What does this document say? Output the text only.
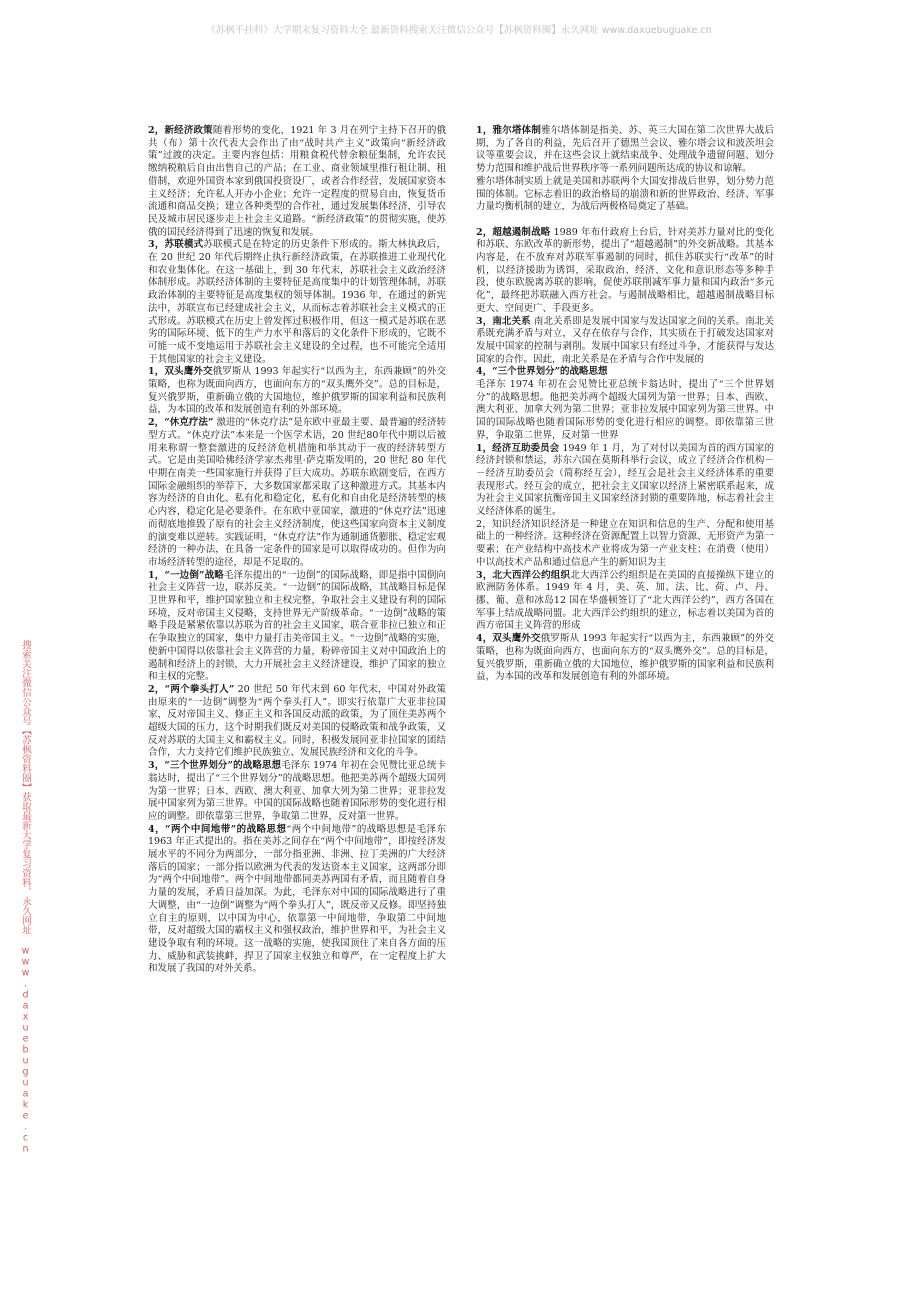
《苏枫不挂科》大学期末复习资料大全 最新资料搜索关注微信公众号【苏枫资料圈】永久网址 www.daxuebuguake.cn
搜索关注微信公众号【苏枫资料圈】获取最新大学复习资料，永久网址 www.daxuebuguake.cn

2，新经济政策随着形势的变化，1921 年 3 月在列宁主持下召开的俄共（布）第十次代表大会作出了由“战时共产主义”政策向“新经济政策”过渡的决定。主要内容包括：用粮食税代替余粮征集制，允许农民缴纳税粮后自由出售自己的产品；在工业、商业领域里推行租让制、租借制，欢迎外国资本家到俄国投资设厂，或者合作经营，发展国家资本主义经济；允许私人开办小企业；允许一定程度的贸易自由，恢复货币流通和商品交换；建立各种类型的合作社，通过发展集体经济，引导农民及城市居民逐步走上社会主义道路。“新经济政策”的贯彻实施，使苏俄的国民经济得到了迅速的恢复和发展。

3，苏联模式苏联模式是在特定的历史条件下形成的。斯大林执政后，在 20 世纪 20 年代后期终止执行新经济政策，在苏联推进工业现代化和农业集体化。在这一基础上，到 30 年代末，苏联社会主义政治经济体制形成。苏联经济体制的主要特征是高度集中的计划管理体制，苏联政治体制的主要特征是高度集权的领导体制。1936 年，在通过的新宪法中，苏联宣布已经建成社会主义，从而标志着苏联社会主义模式的正式形成。苏联模式在历史上曾发挥过积极作用，但这一模式是苏联在恶劣的国际环境、低下的生产力水平和落后的文化条件下形成的，它既不可能一成不变地运用于苏联社会主义建设的全过程，也不可能完全适用于其他国家的社会主义建设。

1，双头鹰外交俄罗斯从 1993 年起实行“以西为主，东西兼顾”的外交策略，也称为既面向西方，也面向东方的“双头鹰外交”。总的目标是，复兴俄罗斯，重新确立俄的大国地位，维护俄罗斯的国家利益和民族利益，为本国的改革和发展创造有利的外部环境。

2，“休克疗法” 激进的“休克疗法”是东欧中亚最主要、最普遍的经济转型方式。“休克疗法”本来是一个医学术语，20 世纪80年代中期以后被用来称谓一整套激进的反经济危机措施和举其动于一夜的经济转型方式。它是由美国哈佛经济学家杰弗里·萨克斯发明的，20 世纪 80 年代中期在南美一些国家施行并获得了巨大成功。苏联东欧剧变后，在西方国际金融组织的举荐下，大多数国家都采取了这种激进方式。其基本内容为经济的自由化、私有化和稳定化，私有化和自由化是经济转型的核心内容，稳定化是必要条件。在东欧中亚国家，激进的“休克疗法”迅速而彻底地推毁了原有的社会主义经济制度，使这些国家向资本主义制度的演变难以逆转。实践证明，“休克疗法”作为通制通货膨胀、稳定宏观经济的一种办法，在具备一定条件的国家是可以取得成功的。但作为向市场经济转型的途径，却是不足取的。

1，“一边倒”战略毛泽东提出的“一边倒”的国际战略，即是指中国倒向社会主义阵营一边，联苏反美。“一边倒”的国际战略，其战略目标是保卫世界和平，维护国家独立和主权完整，争取社会主义建设有利的国际环境，反对帝国主义侵略，支持世界无产阶级革命。“一边倒”战略的策略手段是紧紧依靠以苏联为首的社会主义国家，联合亚非拉已独立和正在争取独立的国家，集中力量打击美帝国主义。“一边倒”战略的实施，使新中国得以依靠社会主义阵营的力量，粉碎帝国主义对中国政治上的遏制和经济上的封锁，大力开展社会主义经济建设，维护了国家的独立和主权的完整。

2，“两个拳头打人” 20 世纪 50 年代末到 60 年代末，中国对外政策由原来的“一边倒”调整为“两个拳头打人”。即实行依靠广大亚非拉国家，反对帝国主义、修正主义和各国反动派的政策，为了顶住美苏两个超级大国的压力，这个时期我们既反对美国的侵略政策和战争政策，又反对苏联的大国主义和霸权主义。同时，积极发展同亚非拉国家的团结合作，大力支持它们维护民族独立、发展民族经济和文化的斗争。

3，“三个世界划分”的战略思想毛泽东 1974 年初在会见赞比亚总统卡翁达时，提出了“三个世界划分”的战略思想。他把美苏两个超级大国列为第一世界；日本、西欧、澳大利亚、加拿大列为第二世界；亚非拉发展中国家列为第三世界。中国的国际战略也随着国际形势的变化进行相应的调整。即依靠第三世界，争取第二世界，反对第一世界。

4，“两个中间地带”的战略思想“两个中间地带”的战略思想是毛泽东1963 年正式提出的。指在美苏之间存在“两个中间地带”，即按经济发展水平的不同分为两部分，一部分指亚洲、非洲、拉丁美洲的广大经济落后的国家；一部分指以欧洲为代表的发达资本主义国家，这两部分即为“两个中间地带”。两个中间地带都同美苏两国有矛盾，而且随着自身力量的发展，矛盾日益加深。为此，毛泽东对中国的国际战略进行了重大调整，由“一边倒”调整为“两个拳头打人”，既反帝又反修。即坚持独立自主的原则，以中国为中心，依靠第一中间地带，争取第二中间地带，反对超级大国的霸权主义和强权政治，维护世界和平，为社会主义建设争取有利的环境。这一战略的实施，使我国顶住了来自各方面的压力、威胁和武装挑衅，捍卫了国家主权独立和尊严，在一定程度上扩大和发展了我国的对外关系。

1，雅尔塔体制雅尔塔体制是指美、苏、英三大国在第二次世界大战后期，为了各自的利益，先后召开了德黑兰会议、雅尔塔会议和波茨坦会议等重要会议，并在这些会议上就结束战争、处理战争遗留问题、划分势力范围和维护战后世界秩序等一系列问题所达成的协议和谅解。

雅尔塔体制实质上就是美国和苏联两个大国安排战后世界，划分势力范围的体制。它标志着旧的政治格局的崩溃和新的世界政治、经济、军事力量均衡机制的建立，为战后两极格局奠定了基础。

2，超越遏制战略 1989 年布什政府上台后，针对美苏力量对比的变化和苏联、东欧改革的新形势，提出了“超越遏制”的外交新战略。其基本内容是，在不放弃对苏联军事遏制的同时，抓住苏联实行“改革”的时机，以经济援助为诱饵，采取政治、经济、文化和意识形态等多种手段，使东欧脱离苏联的影响，促使苏联削减军事力量和国内政治“多元化”，最终把苏联融入西方社会。与遏制战略相比，超越遏制战略目标更大、空间更广、手段更多。

3，南北关系 南北关系即是发展中国家与发达国家之间的关系。南北关系既充满矛盾与对立，又存在依存与合作，其实质在于打破发达国家对发展中国家的控制与剥削。发展中国家只有经过斗争，才能获得与发达国家的合作。因此，南北关系是在矛盾与合作中发展的

4，“三个世界划分”的战略思想

毛泽东 1974 年初在会见赞比亚总统卡翁达时，提出了“三个世界划分”的战略思想。他把美苏两个超级大国列为第一世界；日本、西欧、澳大利亚、加拿大列为第二世界；亚非拉发展中国家列为第三世界。中国的国际战略也随着国际形势的变化进行相应的调整。即依靠第三世界，争取第二世界，反对第一世界

1，经济互助委员会 1949 年 1 月，为了对付以美国为首的西方国家的经济封锁和禁运，苏东六国在莫斯科举行会议，成立了经济合作机构－－经济互助委员会（简称经互会），经互会是社会主义经济体系的重要表现形式。经互会的成立，把社会主义国家以经济上紧密联系起来，成为社会主义国家抗衡帝国主义国家经济封锁的重要阵地，标志着社会主义经济体系的诞生。

2，知识经济知识经济是一种建立在知识和信息的生产、分配和使用基础上的一种经济。这种经济在资源配置上以智力资源、无形资产为第一要素；在产业结构中高技术产业将成为第一产业支柱；在消费（使用）中以高技术产品和通过信息产生的新知识为主

3，北大西洋公约组织北大西洋公约组织是在美国的直接操纵下建立的欧洲防务体系。1949 年 4 月，美、英、加、法、比、荷、卢、丹、挪、葡、意和冰岛12 国在华盛顿签订了“北大西洋公约”，西方各国在军事上结成战略同盟。北大西洋公约组织的建立，标志着以美国为首的西方帝国主义阵营的形成

4，双头鹰外交俄罗斯从 1993 年起实行“以西为主，东西兼顾”的外交策略，也称为既面向西方，也面向东方的“双头鹰外交”。总的目标是，复兴俄罗斯，重新确立俄的大国地位，维护俄罗斯的国家利益和民族利益，为本国的改革和发展创造有利的外部环境。
